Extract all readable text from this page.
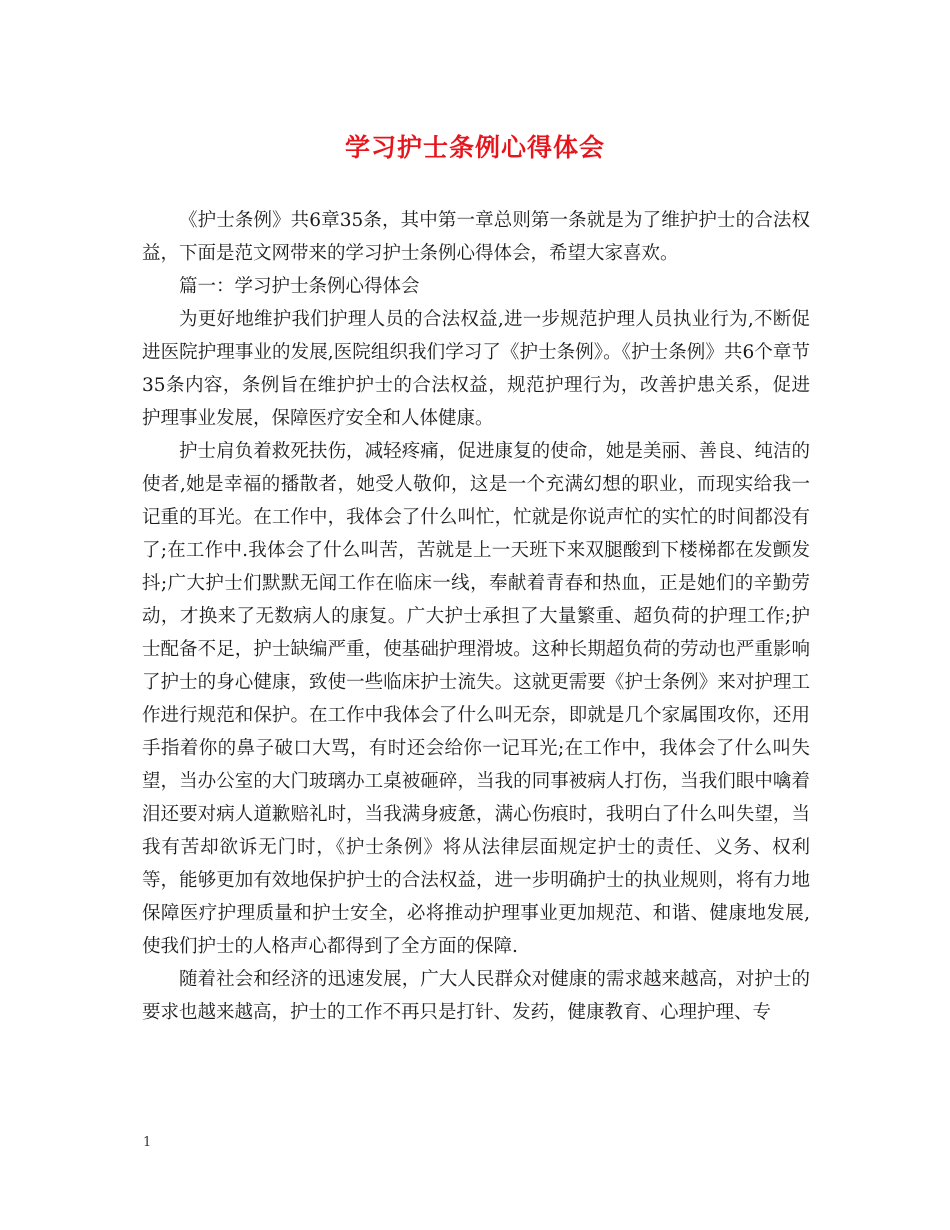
学习护士条例心得体会

《护士条例》共6章35条，其中第一章总则第一条就是为了维护护士的合法权益，下面是范文网带来的学习护士条例心得体会，希望大家喜欢。

篇一：学习护士条例心得体会

为更好地维护我们护理人员的合法权益,进一步规范护理人员执业行为,不断促进医院护理事业的发展,医院组织我们学习了《护士条例》。《护士条例》共6个章节35条内容，条例旨在维护护士的合法权益，规范护理行为，改善护患关系，促进护理事业发展，保障医疗安全和人体健康。

护士肩负着救死扶伤，减轻疼痛，促进康复的使命，她是美丽、善良、纯洁的使者,她是幸福的播散者，她受人敬仰，这是一个充满幻想的职业，而现实给我一记重的耳光。在工作中，我体会了什么叫忙，忙就是你说声忙的实忙的时间都没有了;在工作中.我体会了什么叫苦，苦就是上一天班下来双腿酸到下楼梯都在发颤发抖;广大护士们默默无闻工作在临床一线，奉献着青春和热血，正是她们的辛勤劳动，才换来了无数病人的康复。广大护士承担了大量繁重、超负荷的护理工作;护士配备不足，护士缺编严重，使基础护理滑坡。这种长期超负荷的劳动也严重影响了护士的身心健康，致使一些临床护士流失。这就更需要《护士条例》来对护理工作进行规范和保护。在工作中我体会了什么叫无奈，即就是几个家属围攻你，还用手指着你的鼻子破口大骂，有时还会给你一记耳光;在工作中，我体会了什么叫失望，当办公室的大门玻璃办工桌被砸碎，当我的同事被病人打伤，当我们眼中噙着泪还要对病人道歉赔礼时，当我满身疲惫，满心伤痕时，我明白了什么叫失望，当我有苦却欲诉无门时，《护士条例》将从法律层面规定护士的责任、义务、权利等，能够更加有效地保护护士的合法权益，进一步明确护士的执业规则，将有力地保障医疗护理质量和护士安全，必将推动护理事业更加规范、和谐、健康地发展,使我们护士的人格声心都得到了全方面的保障.

随着社会和经济的迅速发展，广大人民群众对健康的需求越来越高，对护士的要求也越来越高，护士的工作不再只是打针、发药，健康教育、心理护理、专

1
